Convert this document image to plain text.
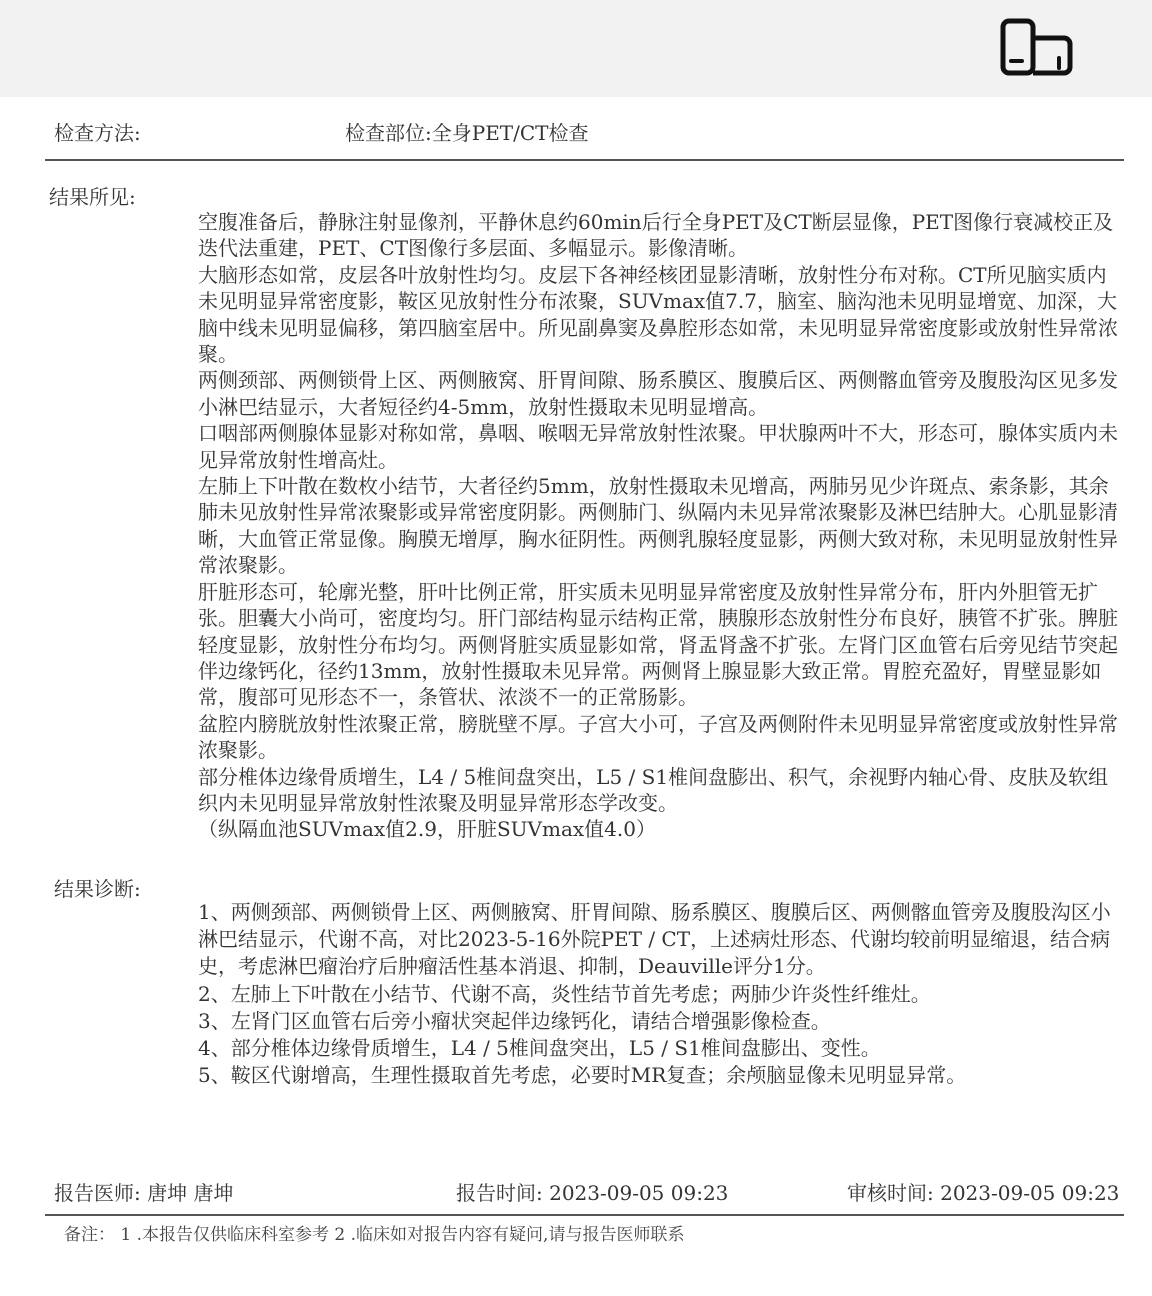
检查方法:	检查部位:全身PET/CT检查
结果所见:

空腹准备后，静脉注射显像剂，平静休息约60min后行全身PET及CT断层显像，PET图像行衰减校正及迭代法重建，PET、CT图像行多层面、多幅显示。影像清晰。

大脑形态如常，皮层各叶放射性均匀。皮层下各神经核团显影清晰，放射性分布对称。CT所见脑实质内未见明显异常密度影，鞍区见放射性分布浓聚，SUVmax值7.7，脑室、脑沟池未见明显增宽、加深，大脑中线未见明显偏移，第四脑室居中。所见副鼻窦及鼻腔形态如常，未见明显异常密度影或放射性异常浓聚。

两侧颈部、两侧锁骨上区、两侧腋窝、肝胃间隙、肠系膜区、腹膜后区、两侧髂血管旁及腹股沟区见多发小淋巴结显示，大者短径约4-5mm，放射性摄取未见明显增高。

口咽部两侧腺体显影对称如常，鼻咽、喉咽无异常放射性浓聚。甲状腺两叶不大，形态可，腺体实质内未见异常放射性增高灶。

左肺上下叶散在数枚小结节，大者径约5mm，放射性摄取未见增高，两肺另见少许斑点、索条影，其余肺未见放射性异常浓聚影或异常密度阴影。两侧肺门、纵隔内未见异常浓聚影及淋巴结肿大。心肌显影清晰，大血管正常显像。胸膜无增厚，胸水征阴性。两侧乳腺轻度显影，两侧大致对称，未见明显放射性异常浓聚影。

肝脏形态可，轮廓光整，肝叶比例正常，肝实质未见明显异常密度及放射性异常分布，肝内外胆管无扩张。胆囊大小尚可，密度均匀。肝门部结构显示结构正常，胰腺形态放射性分布良好，胰管不扩张。脾脏轻度显影，放射性分布均匀。两侧肾脏实质显影如常，肾盂肾盏不扩张。左肾门区血管右后旁见结节突起伴边缘钙化，径约13mm，放射性摄取未见异常。两侧肾上腺显影大致正常。胃腔充盈好，胃壁显影如常，腹部可见形态不一，条管状、浓淡不一的正常肠影。

盆腔内膀胱放射性浓聚正常，膀胱壁不厚。子宫大小可，子宫及两侧附件未见明显异常密度或放射性异常浓聚影。

部分椎体边缘骨质增生，L4 / 5椎间盘突出，L5 / S1椎间盘膨出、积气，余视野内轴心骨、皮肤及软组织内未见明显异常放射性浓聚及明显异常形态学改变。

（纵隔血池SUVmax值2.9，肝脏SUVmax值4.0）

结果诊断:

1、两侧颈部、两侧锁骨上区、两侧腋窝、肝胃间隙、肠系膜区、腹膜后区、两侧髂血管旁及腹股沟区小淋巴结显示，代谢不高，对比2023-5-16外院PET / CT，上述病灶形态、代谢均较前明显缩退，结合病史，考虑淋巴瘤治疗后肿瘤活性基本消退、抑制，Deauville评分1分。

2、左肺上下叶散在小结节、代谢不高，炎性结节首先考虑；两肺少许炎性纤维灶。

3、左肾门区血管右后旁小瘤状突起伴边缘钙化，请结合增强影像检查。

4、部分椎体边缘骨质增生，L4 / 5椎间盘突出，L5 / S1椎间盘膨出、变性。

5、鞍区代谢增高，生理性摄取首先考虑，必要时MR复查；余颅脑显像未见明显异常。

报告医师: 唐坤 唐坤	报告时间: 2023-09-05 09:23	审核时间: 2023-09-05 09:23
备注： 1 .本报告仅供临床科室参考 2 .临床如对报告内容有疑问,请与报告医师联系
